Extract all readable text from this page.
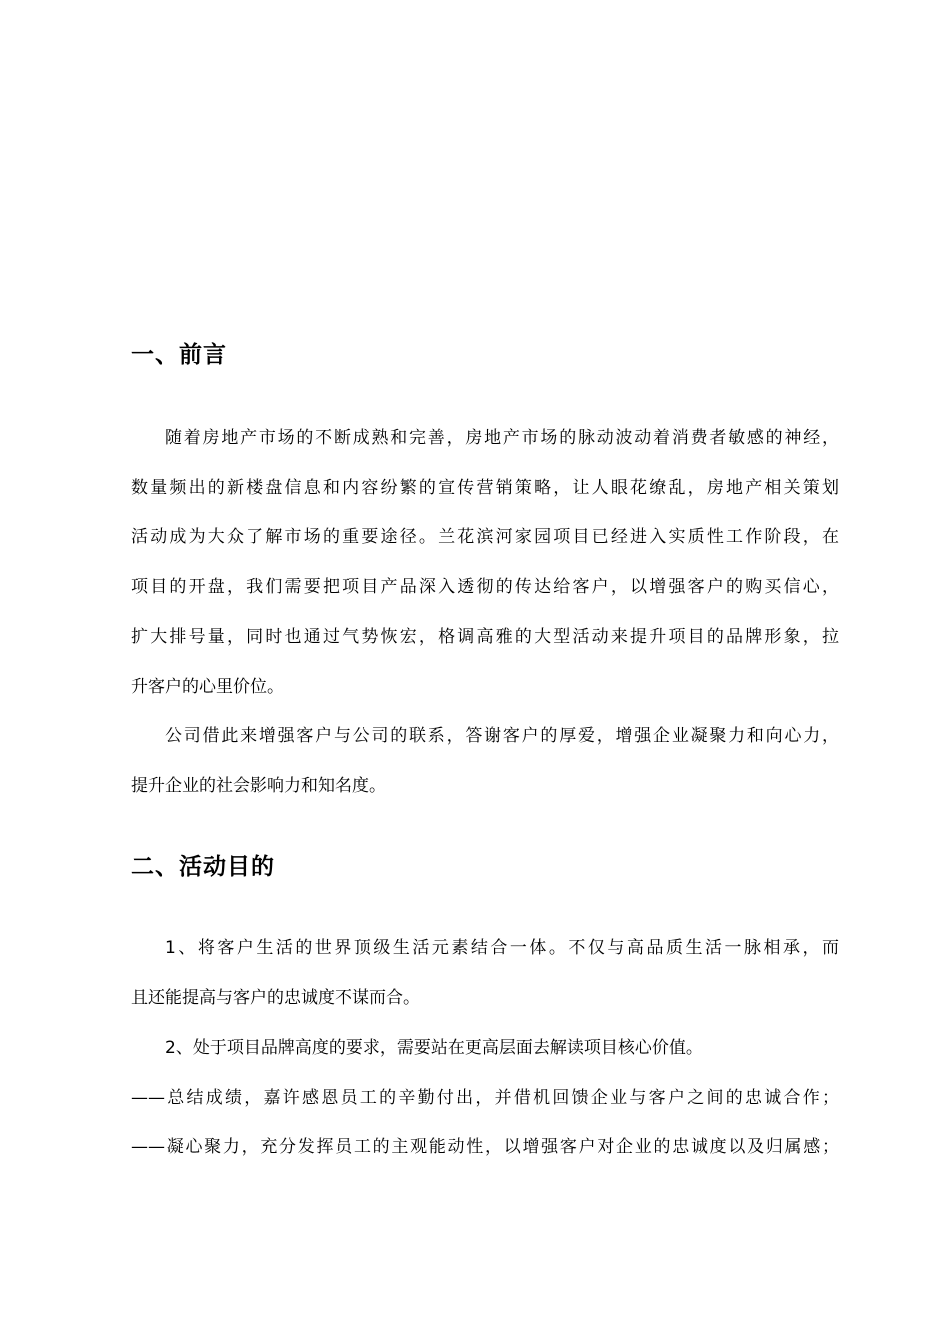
一、前言
随着房地产市场的不断成熟和完善，房地产市场的脉动波动着消费者敏感的神经，
数量频出的新楼盘信息和内容纷繁的宣传营销策略，让人眼花缭乱，房地产相关策划
活动成为大众了解市场的重要途径。兰花滨河家园项目已经进入实质性工作阶段，在
项目的开盘，我们需要把项目产品深入透彻的传达给客户，以增强客户的购买信心，
扩大排号量，同时也通过气势恢宏，格调高雅的大型活动来提升项目的品牌形象，拉
升客户的心里价位。
公司借此来增强客户与公司的联系，答谢客户的厚爱，增强企业凝聚力和向心力，
提升企业的社会影响力和知名度。
二、活动目的
1、将客户生活的世界顶级生活元素结合一体。不仅与高品质生活一脉相承，而
且还能提高与客户的忠诚度不谋而合。
2、处于项目品牌高度的要求，需要站在更高层面去解读项目核心价值。
——总结成绩，嘉许感恩员工的辛勤付出，并借机回馈企业与客户之间的忠诚合作；
——凝心聚力，充分发挥员工的主观能动性，以增强客户对企业的忠诚度以及归属感；
